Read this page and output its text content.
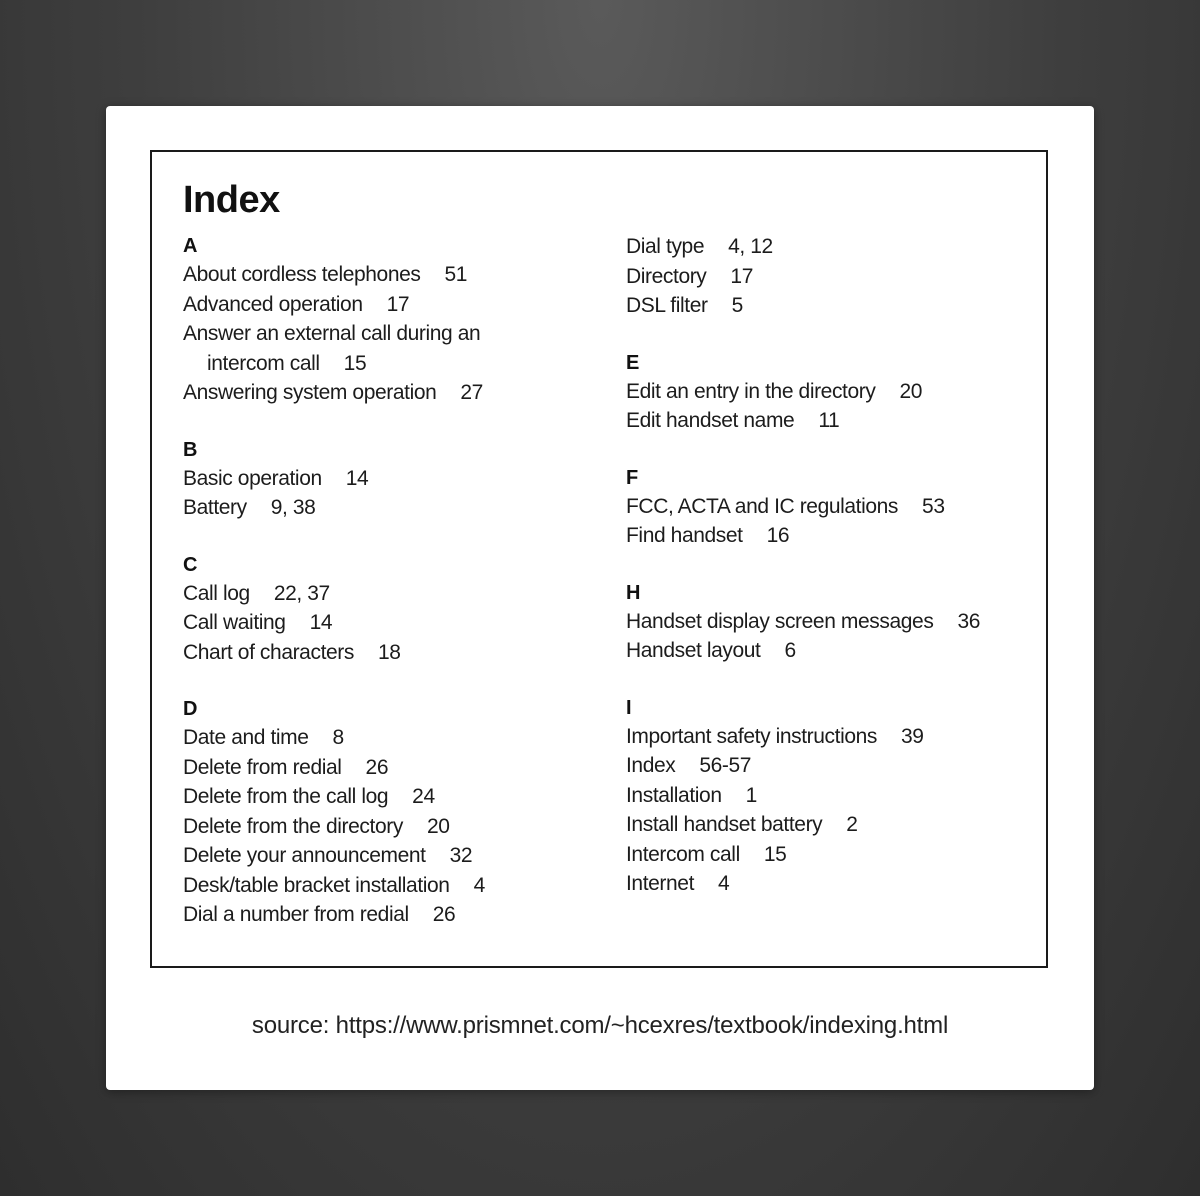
Index
A
About cordless telephones 51
Advanced operation 17
Answer an external call during an
intercom call 15
Answering system operation 27
B
Basic operation 14
Battery 9, 38
C
Call log 22, 37
Call waiting 14
Chart of characters 18
D
Date and time 8
Delete from redial 26
Delete from the call log 24
Delete from the directory 20
Delete your announcement 32
Desk/table bracket installation 4
Dial a number from redial 26
Dial type 4, 12
Directory 17
DSL filter 5
E
Edit an entry in the directory 20
Edit handset name 11
F
FCC, ACTA and IC regulations 53
Find handset 16
H
Handset display screen messages 36
Handset layout 6
I
Important safety instructions 39
Index 56-57
Installation 1
Install handset battery 2
Intercom call 15
Internet 4
source: https://www.prismnet.com/~hcexres/textbook/indexing.html
